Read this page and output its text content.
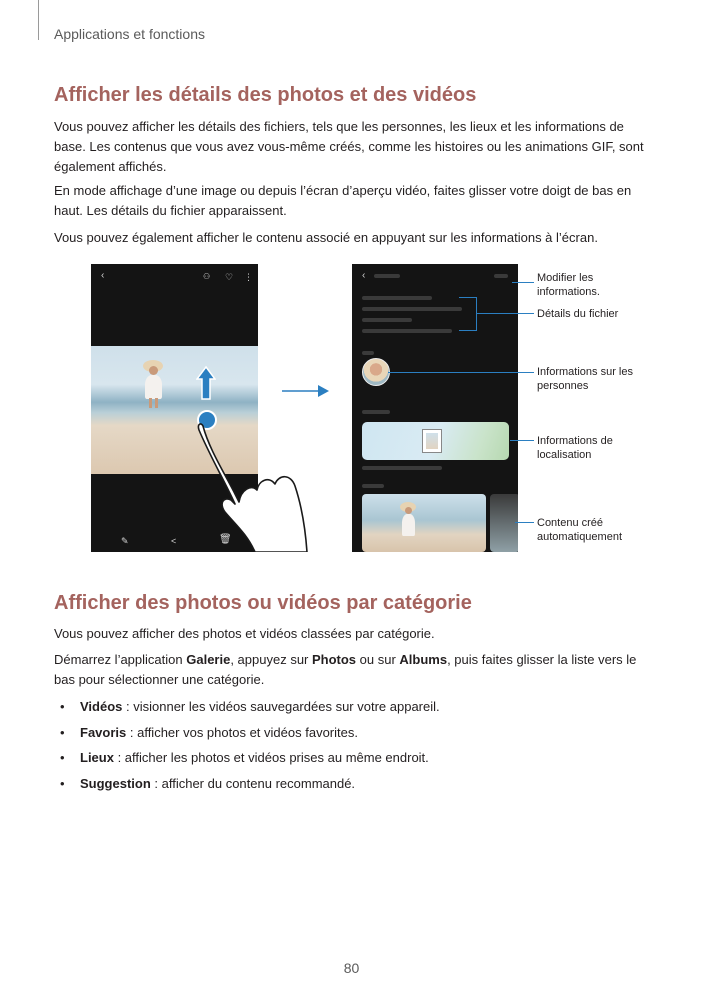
Applications et fonctions
Afficher les détails des photos et des vidéos

Vous pouvez afficher les détails des fichiers, tels que les personnes, les lieux et les informations de base. Les contenus que vous avez vous-même créés, comme les histoires ou les animations GIF, sont également affichés.

En mode affichage d’une image ou depuis l’écran d’aperçu vidéo, faites glisser votre doigt de bas en haut. Les détails du fichier apparaissent.

Vous pouvez également afficher le contenu associé en appuyant sur les informations à l’écran.

‹	⚇ ♡ ⋮
✎	<	🗑
‹	Modifier les informations.
Détails du fichier
Informations sur les personnes
Informations de localisation
Contenu créé automatiquement
Afficher des photos ou vidéos par catégorie

Vous pouvez afficher des photos et vidéos classées par catégorie.

Démarrez l’application Galerie, appuyez sur Photos ou sur Albums, puis faites glisser la liste vers le bas pour sélectionner une catégorie.

• Vidéos : visionner les vidéos sauvegardées sur votre appareil.
• Favoris : afficher vos photos et vidéos favorites.
• Lieux : afficher les photos et vidéos prises au même endroit.
• Suggestion : afficher du contenu recommandé.
80
